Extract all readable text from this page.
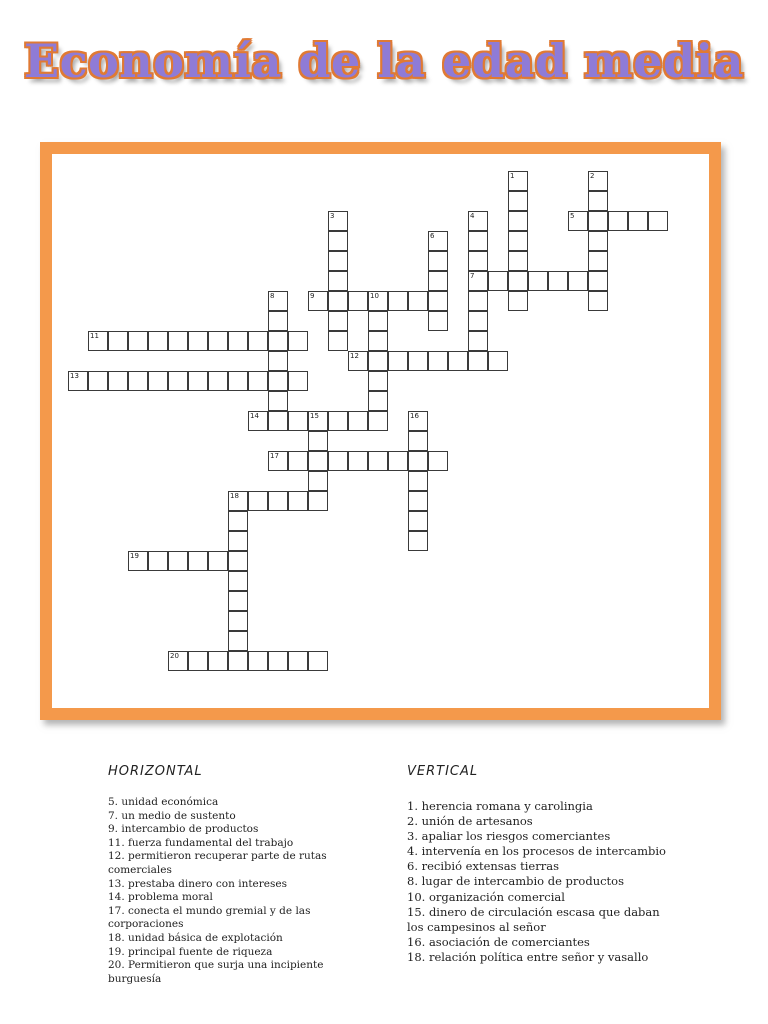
Economía de la edad media
1	2
3	4
7
5
6
8	9	10
11
12
13
14	15	16
17
18
19
20
HORIZONTAL
5. unidad económica
7. un medio de sustento
9. intercambio de productos
11. fuerza fundamental del trabajo
12. permitieron recuperar parte de rutas comerciales
13. prestaba dinero con intereses
14. problema moral
17. conecta el mundo gremial y de las corporaciones
18. unidad básica de explotación
19. principal fuente de riqueza
20. Permitieron que surja una incipiente burguesía
VERTICAL
1. herencia romana y carolingia
2. unión de artesanos
3. apaliar los riesgos comerciantes
4. intervenía en los procesos de intercambio
6. recibió extensas tierras
8. lugar de intercambio de productos
10. organización comercial
15. dinero de circulación escasa que daban los campesinos al señor
16. asociación de comerciantes
18. relación política entre señor y vasallo
